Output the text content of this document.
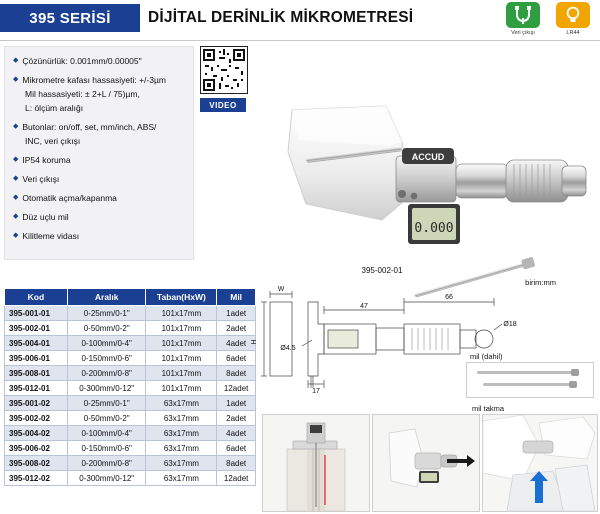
395 SERİSİ	DİJİTAL DERİNLİK MİKROMETRESİ
Veri çıkışı	LR44
◆ Çözünürlük: 0.001mm/0.00005"
◆ Mikrometre kafası hassasiyeti: +/-3µm
Mil hassasiyeti: ± 2+L / 75)µm,
L: ölçüm aralığı
◆ Butonlar: on/off, set, mm/inch, ABS/
INC, veri çıkışı
◆ IP54 koruma
◆ Veri çıkışı
◆ Otomatik açma/kapanma
◆ Düz uçlu mil
◆ Kilitleme vidası
VIDEO
ACCUD
0.000
395-002-01
Kod	Aralık	Taban(HxW)	Mil
395-001-01	0-25mm/0-1"	101x17mm	1adet
395-002-01	0-50mm/0-2"	101x17mm	2adet
395-004-01	0-100mm/0-4"	101x17mm	4adet
395-006-01	0-150mm/0-6"	101x17mm	6adet
395-008-01	0-200mm/0-8"	101x17mm	8adet
395-012-01	0-300mm/0-12"	101x17mm	12adet
395-001-02	0-25mm/0-1"	63x17mm	1adet
395-002-02	0-50mm/0-2"	63x17mm	2adet
395-004-02	0-100mm/0-4"	63x17mm	4adet
395-006-02	0-150mm/0-6"	63x17mm	6adet
395-008-02	0-200mm/0-8"	63x17mm	8adet
395-012-02	0-300mm/0-12"	63x17mm	12adet
birim:mm
W
H
47
66
17
Ø4.5
Ø18
mil (dahil)
mil takma
